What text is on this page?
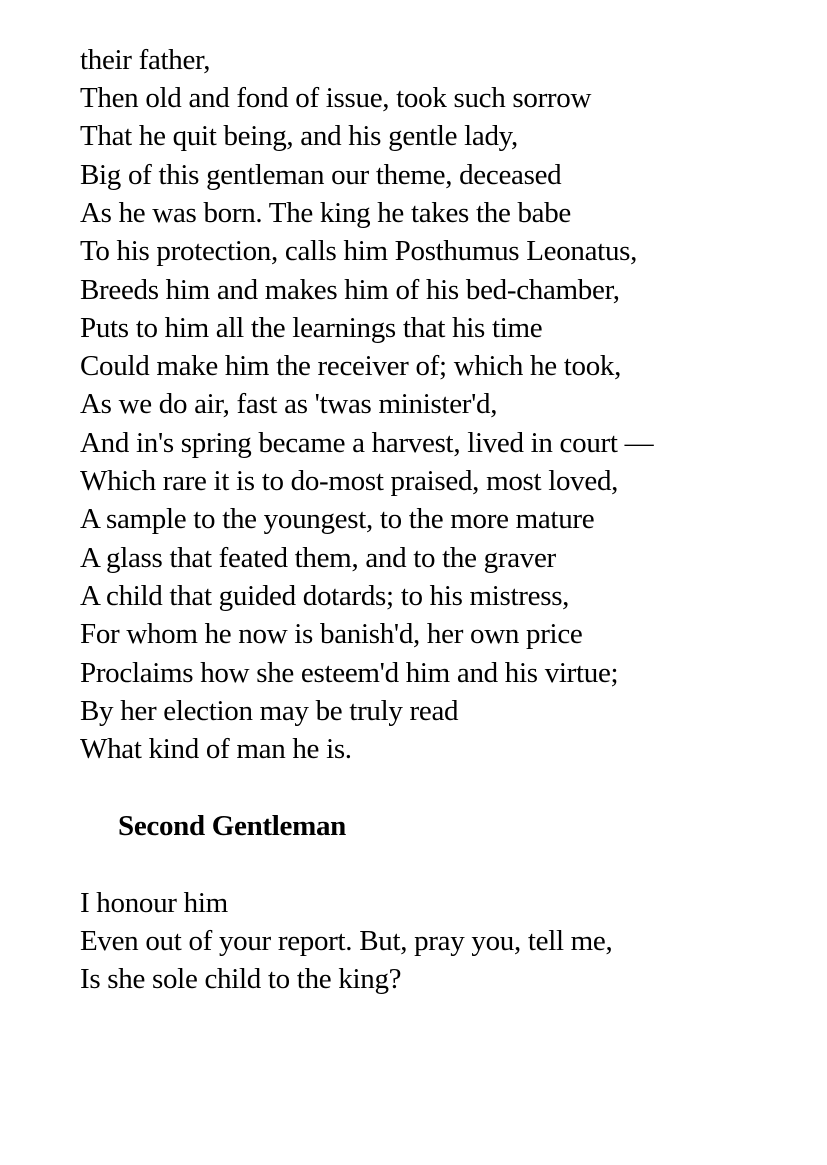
their father,
Then old and fond of issue, took such sorrow
That he quit being, and his gentle lady,
Big of this gentleman our theme, deceased
As he was born. The king he takes the babe
To his protection, calls him Posthumus Leonatus,
Breeds him and makes him of his bed-chamber,
Puts to him all the learnings that his time
Could make him the receiver of; which he took,
As we do air, fast as 'twas minister'd,
And in's spring became a harvest, lived in court —
Which rare it is to do-most praised, most loved,
A sample to the youngest, to the more mature
A glass that feated them, and to the graver
A child that guided dotards; to his mistress,
For whom he now is banish'd, her own price
Proclaims how she esteem'd him and his virtue;
By her election may be truly read
What kind of man he is.
Second Gentleman
I honour him
Even out of your report. But, pray you, tell me,
Is she sole child to the king?
